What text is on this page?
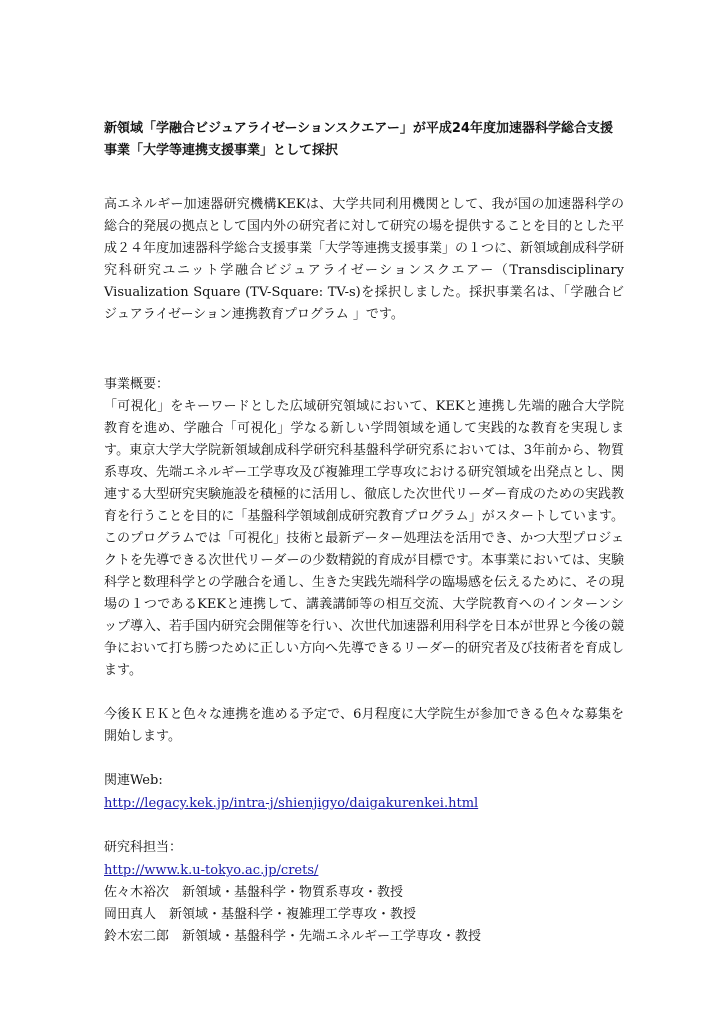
新領域「学融合ビジュアライゼーションスクエアー」が平成24年度加速器科学総合支援事業「大学等連携支援事業」として採択

高エネルギー加速器研究機構KEKは、大学共同利用機関として、我が国の加速器科学の総合的発展の拠点として国内外の研究者に対して研究の場を提供することを目的とした平成２４年度加速器科学総合支援事業「大学等連携支援事業」の１つに、新領域創成科学研究科研究ユニット学融合ビジュアライゼーションスクエアー（Transdisciplinary Visualization Square (TV-Square: TV-s)を採択しました。採択事業名は、「学融合ビジュアライゼーション連携教育プログラム 」です。

事業概要：

「可視化」をキーワードとした広域研究領域において、KEKと連携し先端的融合大学院教育を進め、学融合「可視化」学なる新しい学問領域を通して実践的な教育を実現します。東京大学大学院新領域創成科学研究科基盤科学研究系においては、3年前から、物質系専攻、先端エネルギー工学専攻及び複雑理工学専攻における研究領域を出発点とし、関連する大型研究実験施設を積極的に活用し、徹底した次世代リーダー育成のための実践教育を行うことを目的に「基盤科学領域創成研究教育プログラム」がスタートしています。このプログラムでは「可視化」技術と最新データー処理法を活用でき、かつ大型プロジェクトを先導できる次世代リーダーの少数精鋭的育成が目標です。本事業においては、実験科学と数理科学との学融合を通し、生きた実践先端科学の臨場感を伝えるために、その現場の１つであるKEKと連携して、講義講師等の相互交流、大学院教育へのインターンシップ導入、若手国内研究会開催等を行い、次世代加速器利用科学を日本が世界と今後の競争において打ち勝つために正しい方向へ先導できるリーダー的研究者及び技術者を育成します。

今後ＫＥＫと色々な連携を進める予定で、6月程度に大学院生が参加できる色々な募集を開始します。

関連Web:
http://legacy.kek.jp/intra-j/shienjigyo/daigakurenkei.html
研究科担当：
http://www.k.u-tokyo.ac.jp/crets/
佐々木裕次　新領域・基盤科学・物質系専攻・教授
岡田真人　新領域・基盤科学・複雑理工学専攻・教授
鈴木宏二郎　新領域・基盤科学・先端エネルギー工学専攻・教授
